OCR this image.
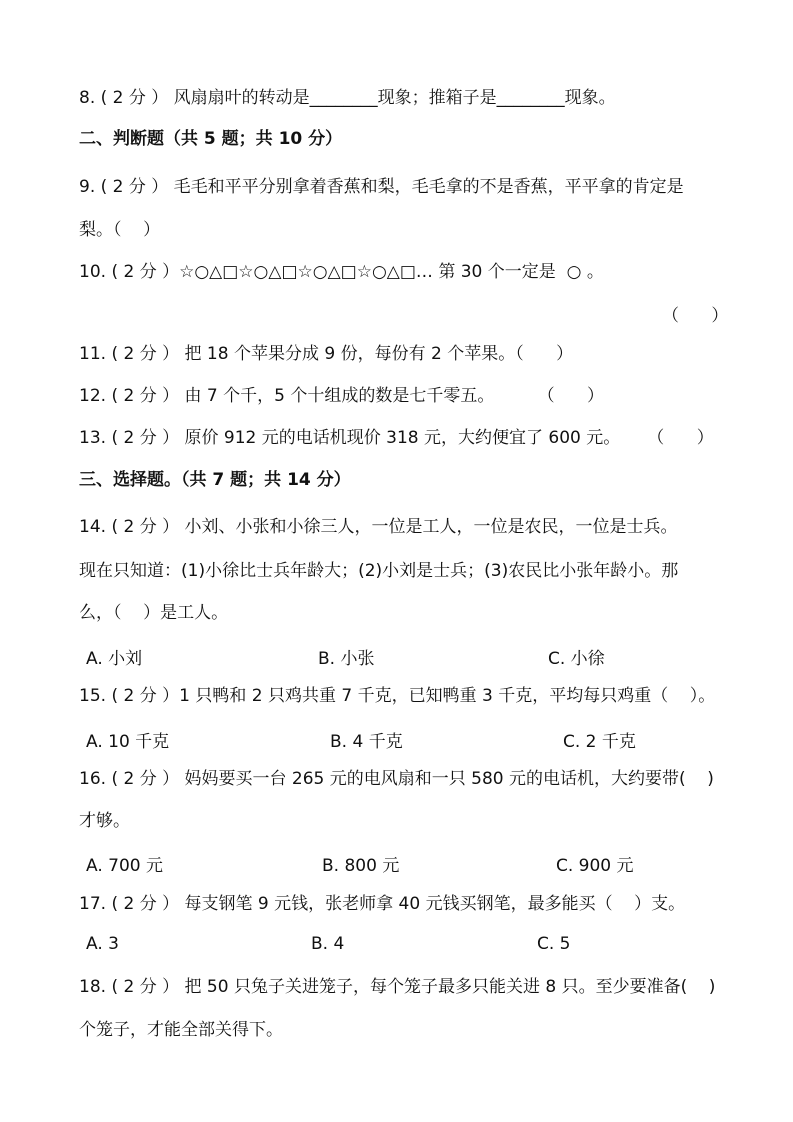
8. ( 2 分 ） 风扇扇叶的转动是________现象；推箱子是________现象。
二、判断题（共 5 题；共 10 分）
9. ( 2 分 ） 毛毛和平平分别拿着香蕉和梨，毛毛拿的不是香蕉，平平拿的肯定是
梨。（    ）
10. ( 2 分 ）☆○△□☆○△□☆○△□☆○△□… 第 30 个一定是  ○ 。
（      ）
11. ( 2 分 ） 把 18 个苹果分成 9 份，每份有 2 个苹果。（      ）
12. ( 2 分 ） 由 7 个千，5 个十组成的数是七千零五。        （      ）
13. ( 2 分 ） 原价 912 元的电话机现价 318 元，大约便宜了 600 元。     （      ）
三、选择题。（共 7 题；共 14 分）
14. ( 2 分 ） 小刘、小张和小徐三人，一位是工人，一位是农民，一位是士兵。
现在只知道：(1)小徐比士兵年龄大；(2)小刘是士兵；(3)农民比小张年龄小。那
么，（    ）是工人。
A. 小刘	B. 小张	C. 小徐
15. ( 2 分 ）1 只鸭和 2 只鸡共重 7 千克，已知鸭重 3 千克，平均每只鸡重（    ）。
A. 10 千克	B. 4 千克	C. 2 千克
16. ( 2 分 ） 妈妈要买一台 265 元的电风扇和一只 580 元的电话机，大约要带(    )
才够。
A. 700 元	B. 800 元	C. 900 元
17. ( 2 分 ） 每支钢笔 9 元钱，张老师拿 40 元钱买钢笔，最多能买（    ）支。
A. 3	B. 4	C. 5
18. ( 2 分 ） 把 50 只兔子关进笼子，每个笼子最多只能关进 8 只。至少要准备(    )
个笼子，才能全部关得下。
